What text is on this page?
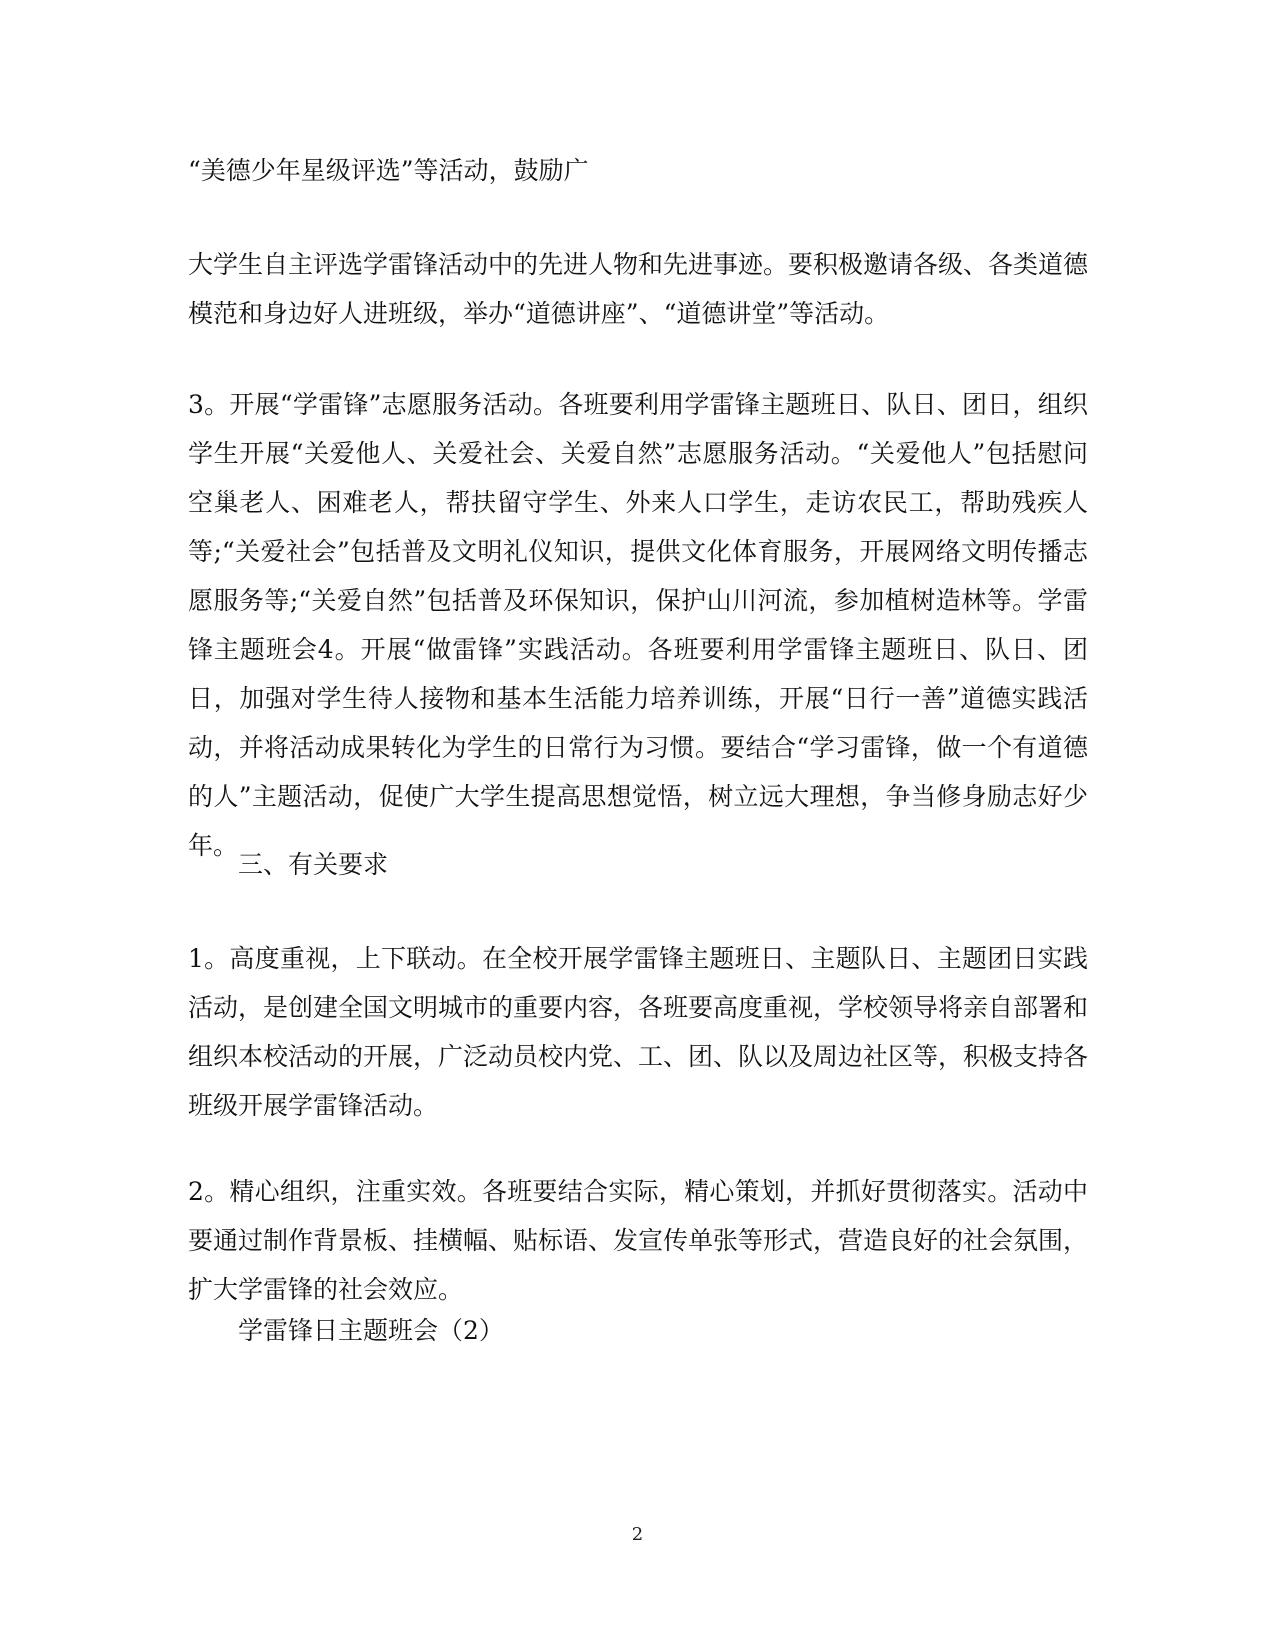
“美德少年星级评选”等活动，鼓励广

大学生自主评选学雷锋活动中的先进人物和先进事迹。要积极邀请各级、各类道德模范和身边好人进班级，举办“道德讲座”、“道德讲堂”等活动。

3。开展“学雷锋”志愿服务活动。各班要利用学雷锋主题班日、队日、团日，组织学生开展“关爱他人、关爱社会、关爱自然”志愿服务活动。“关爱他人”包括慰问空巢老人、困难老人，帮扶留守学生、外来人口学生，走访农民工，帮助残疾人等;“关爱社会”包括普及文明礼仪知识，提供文化体育服务，开展网络文明传播志愿服务等;“关爱自然”包括普及环保知识，保护山川河流，参加植树造林等。学雷锋主题班会4。开展“做雷锋”实践活动。各班要利用学雷锋主题班日、队日、团日，加强对学生待人接物和基本生活能力培养训练，开展“日行一善”道德实践活动，并将活动成果转化为学生的日常行为习惯。要结合“学习雷锋，做一个有道德的人”主题活动，促使广大学生提高思想觉悟，树立远大理想，争当修身励志好少年。

三、有关要求

1。高度重视，上下联动。在全校开展学雷锋主题班日、主题队日、主题团日实践活动，是创建全国文明城市的重要内容，各班要高度重视，学校领导将亲自部署和组织本校活动的开展，广泛动员校内党、工、团、队以及周边社区等，积极支持各班级开展学雷锋活动。

2。精心组织，注重实效。各班要结合实际，精心策划，并抓好贯彻落实。活动中要通过制作背景板、挂横幅、贴标语、发宣传单张等形式，营造良好的社会氛围，扩大学雷锋的社会效应。

学雷锋日主题班会（2）

2
